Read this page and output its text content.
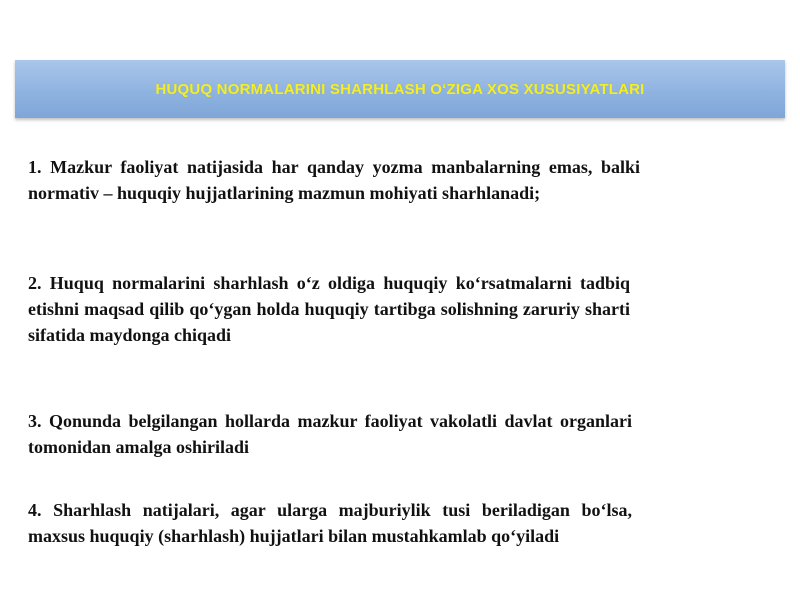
HUQUQ NORMALARINI SHARHLASH O‘ZIGA XOS XUSUSIYATLARI

1. Mazkur faoliyat natijasida har qanday yozma manbalarning emas, balki normativ – huquqiy hujjatlarining mazmun mohiyati sharhlanadi;

2. Huquq normalarini sharhlash o‘z oldiga huquqiy ko‘rsatmalarni tadbiq etishni maqsad qilib qo‘ygan holda huquqiy tartibga solishning zaruriy sharti sifatida maydonga chiqadi

3. Qonunda belgilangan hollarda mazkur faoliyat vakolatli davlat organlari tomonidan amalga oshiriladi

4. Sharhlash natijalari, agar ularga majburiylik tusi beriladigan bo‘lsa, maxsus huquqiy (sharhlash) hujjatlari bilan mustahkamlab qo‘yiladi
